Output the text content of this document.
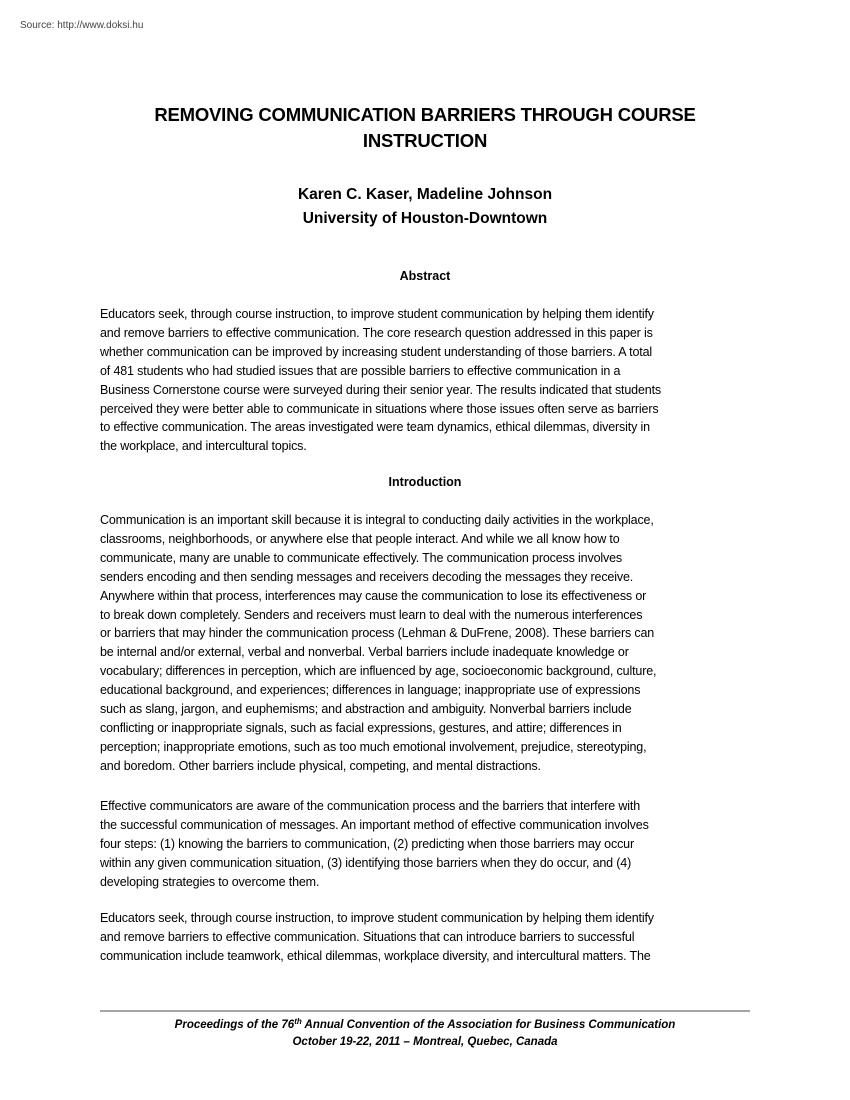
Source: http://www.doksi.hu
REMOVING COMMUNICATION BARRIERS THROUGH COURSE
INSTRUCTION
Karen C. Kaser, Madeline Johnson
University of Houston-Downtown
Abstract
Educators seek, through course instruction, to improve student communication by helping them identify
and remove barriers to effective communication. The core research question addressed in this paper is
whether communication can be improved by increasing student understanding of those barriers. A total
of 481 students who had studied issues that are possible barriers to effective communication in a
Business Cornerstone course were surveyed during their senior year. The results indicated that students
perceived they were better able to communicate in situations where those issues often serve as barriers
to effective communication. The areas investigated were team dynamics, ethical dilemmas, diversity in
the workplace, and intercultural topics.
Introduction
Communication is an important skill because it is integral to conducting daily activities in the workplace,
classrooms, neighborhoods, or anywhere else that people interact. And while we all know how to
communicate, many are unable to communicate effectively. The communication process involves
senders encoding and then sending messages and receivers decoding the messages they receive.
Anywhere within that process, interferences may cause the communication to lose its effectiveness or
to break down completely. Senders and receivers must learn to deal with the numerous interferences
or barriers that may hinder the communication process (Lehman & DuFrene, 2008). These barriers can
be internal and/or external, verbal and nonverbal. Verbal barriers include inadequate knowledge or
vocabulary; differences in perception, which are influenced by age, socioeconomic background, culture,
educational background, and experiences; differences in language; inappropriate use of expressions
such as slang, jargon, and euphemisms; and abstraction and ambiguity. Nonverbal barriers include
conflicting or inappropriate signals, such as facial expressions, gestures, and attire; differences in
perception; inappropriate emotions, such as too much emotional involvement, prejudice, stereotyping,
and boredom. Other barriers include physical, competing, and mental distractions.
Effective communicators are aware of the communication process and the barriers that interfere with
the successful communication of messages. An important method of effective communication involves
four steps: (1) knowing the barriers to communication, (2) predicting when those barriers may occur
within any given communication situation, (3) identifying those barriers when they do occur, and (4)
developing strategies to overcome them.
Educators seek, through course instruction, to improve student communication by helping them identify
and remove barriers to effective communication. Situations that can introduce barriers to successful
communication include teamwork, ethical dilemmas, workplace diversity, and intercultural matters. The
Proceedings of the 76th Annual Convention of the Association for Business Communication
October 19-22, 2011 – Montreal, Quebec, Canada
